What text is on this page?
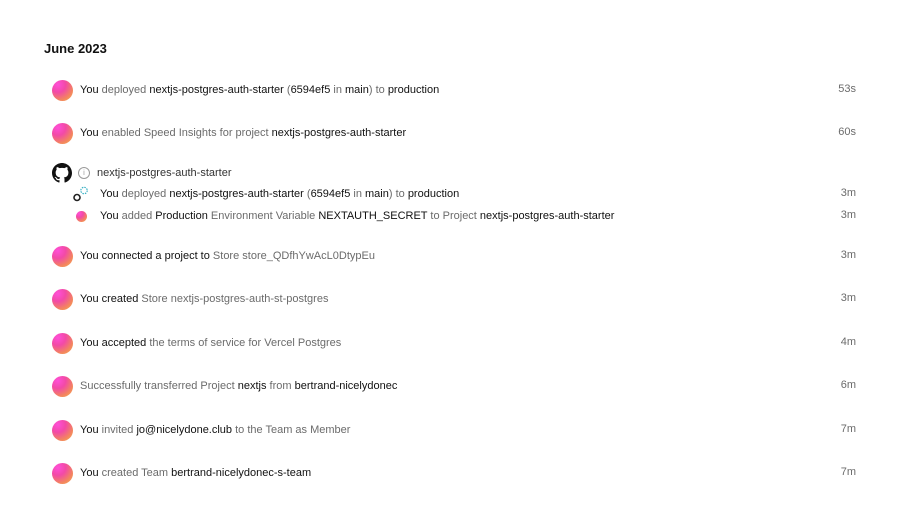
June 2023
You deployed nextjs-postgres-auth-starter (6594ef5 in main) to production	53s
You enabled Speed Insights for project nextjs-postgres-auth-starter	60s
i	nextjs-postgres-auth-starter
You deployed nextjs-postgres-auth-starter (6594ef5 in main) to production	3m
You added Production Environment Variable NEXTAUTH_SECRET to Project nextjs-postgres-auth-starter	3m
You connected a project to Store store_QDfhYwAcL0DtypEu	3m
You created Store nextjs-postgres-auth-st-postgres	3m
You accepted the terms of service for Vercel Postgres	4m
Successfully transferred Project nextjs from bertrand-nicelydonec	6m
You invited jo@nicelydone.club to the Team as Member	7m
You created Team bertrand-nicelydonec-s-team	7m
